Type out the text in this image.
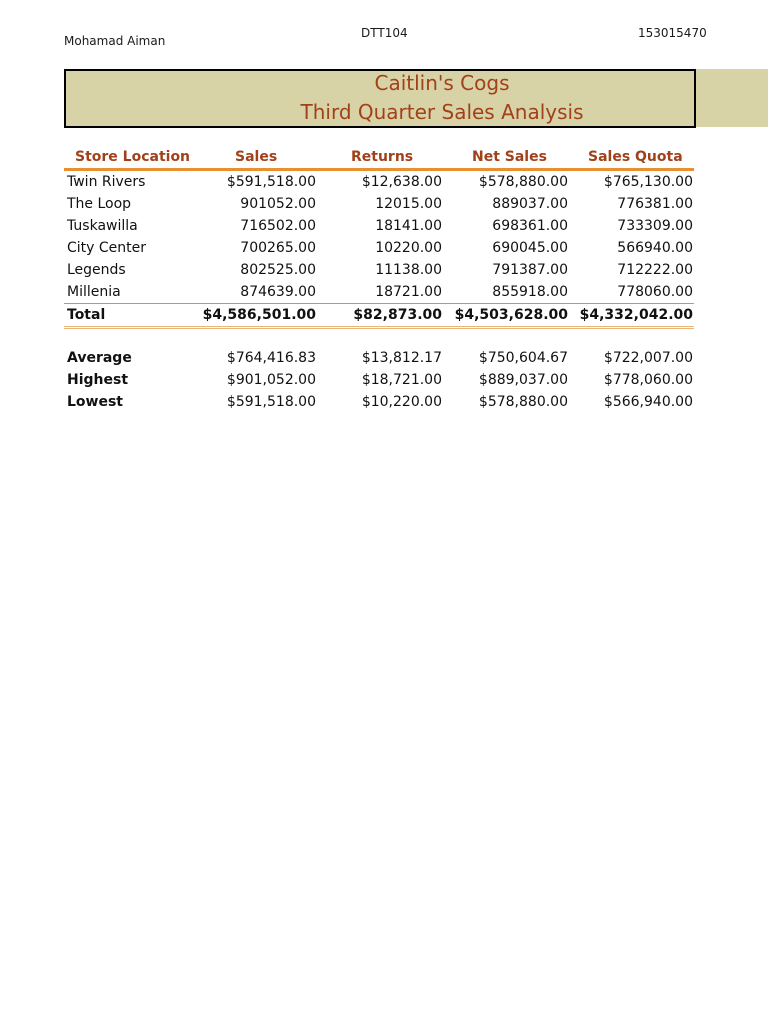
Mohamad Aiman
DTT104	153015470
Caitlin's Cogs
Third Quarter Sales Analysis
Store Location	Sales	Returns	Net Sales	Sales Quota
Twin Rivers	$591,518.00	$12,638.00	$578,880.00	$765,130.00
The Loop	901052.00	12015.00	889037.00	776381.00
Tuskawilla	716502.00	18141.00	698361.00	733309.00
City Center	700265.00	10220.00	690045.00	566940.00
Legends	802525.00	11138.00	791387.00	712222.00
Millenia	874639.00	18721.00	855918.00	778060.00
Total	$4,586,501.00	$82,873.00 $4,503,628.00 $4,332,042.00
Average	$764,416.83	$13,812.17	$750,604.67	$722,007.00
Highest	$901,052.00	$18,721.00	$889,037.00	$778,060.00
Lowest	$591,518.00	$10,220.00	$578,880.00	$566,940.00
